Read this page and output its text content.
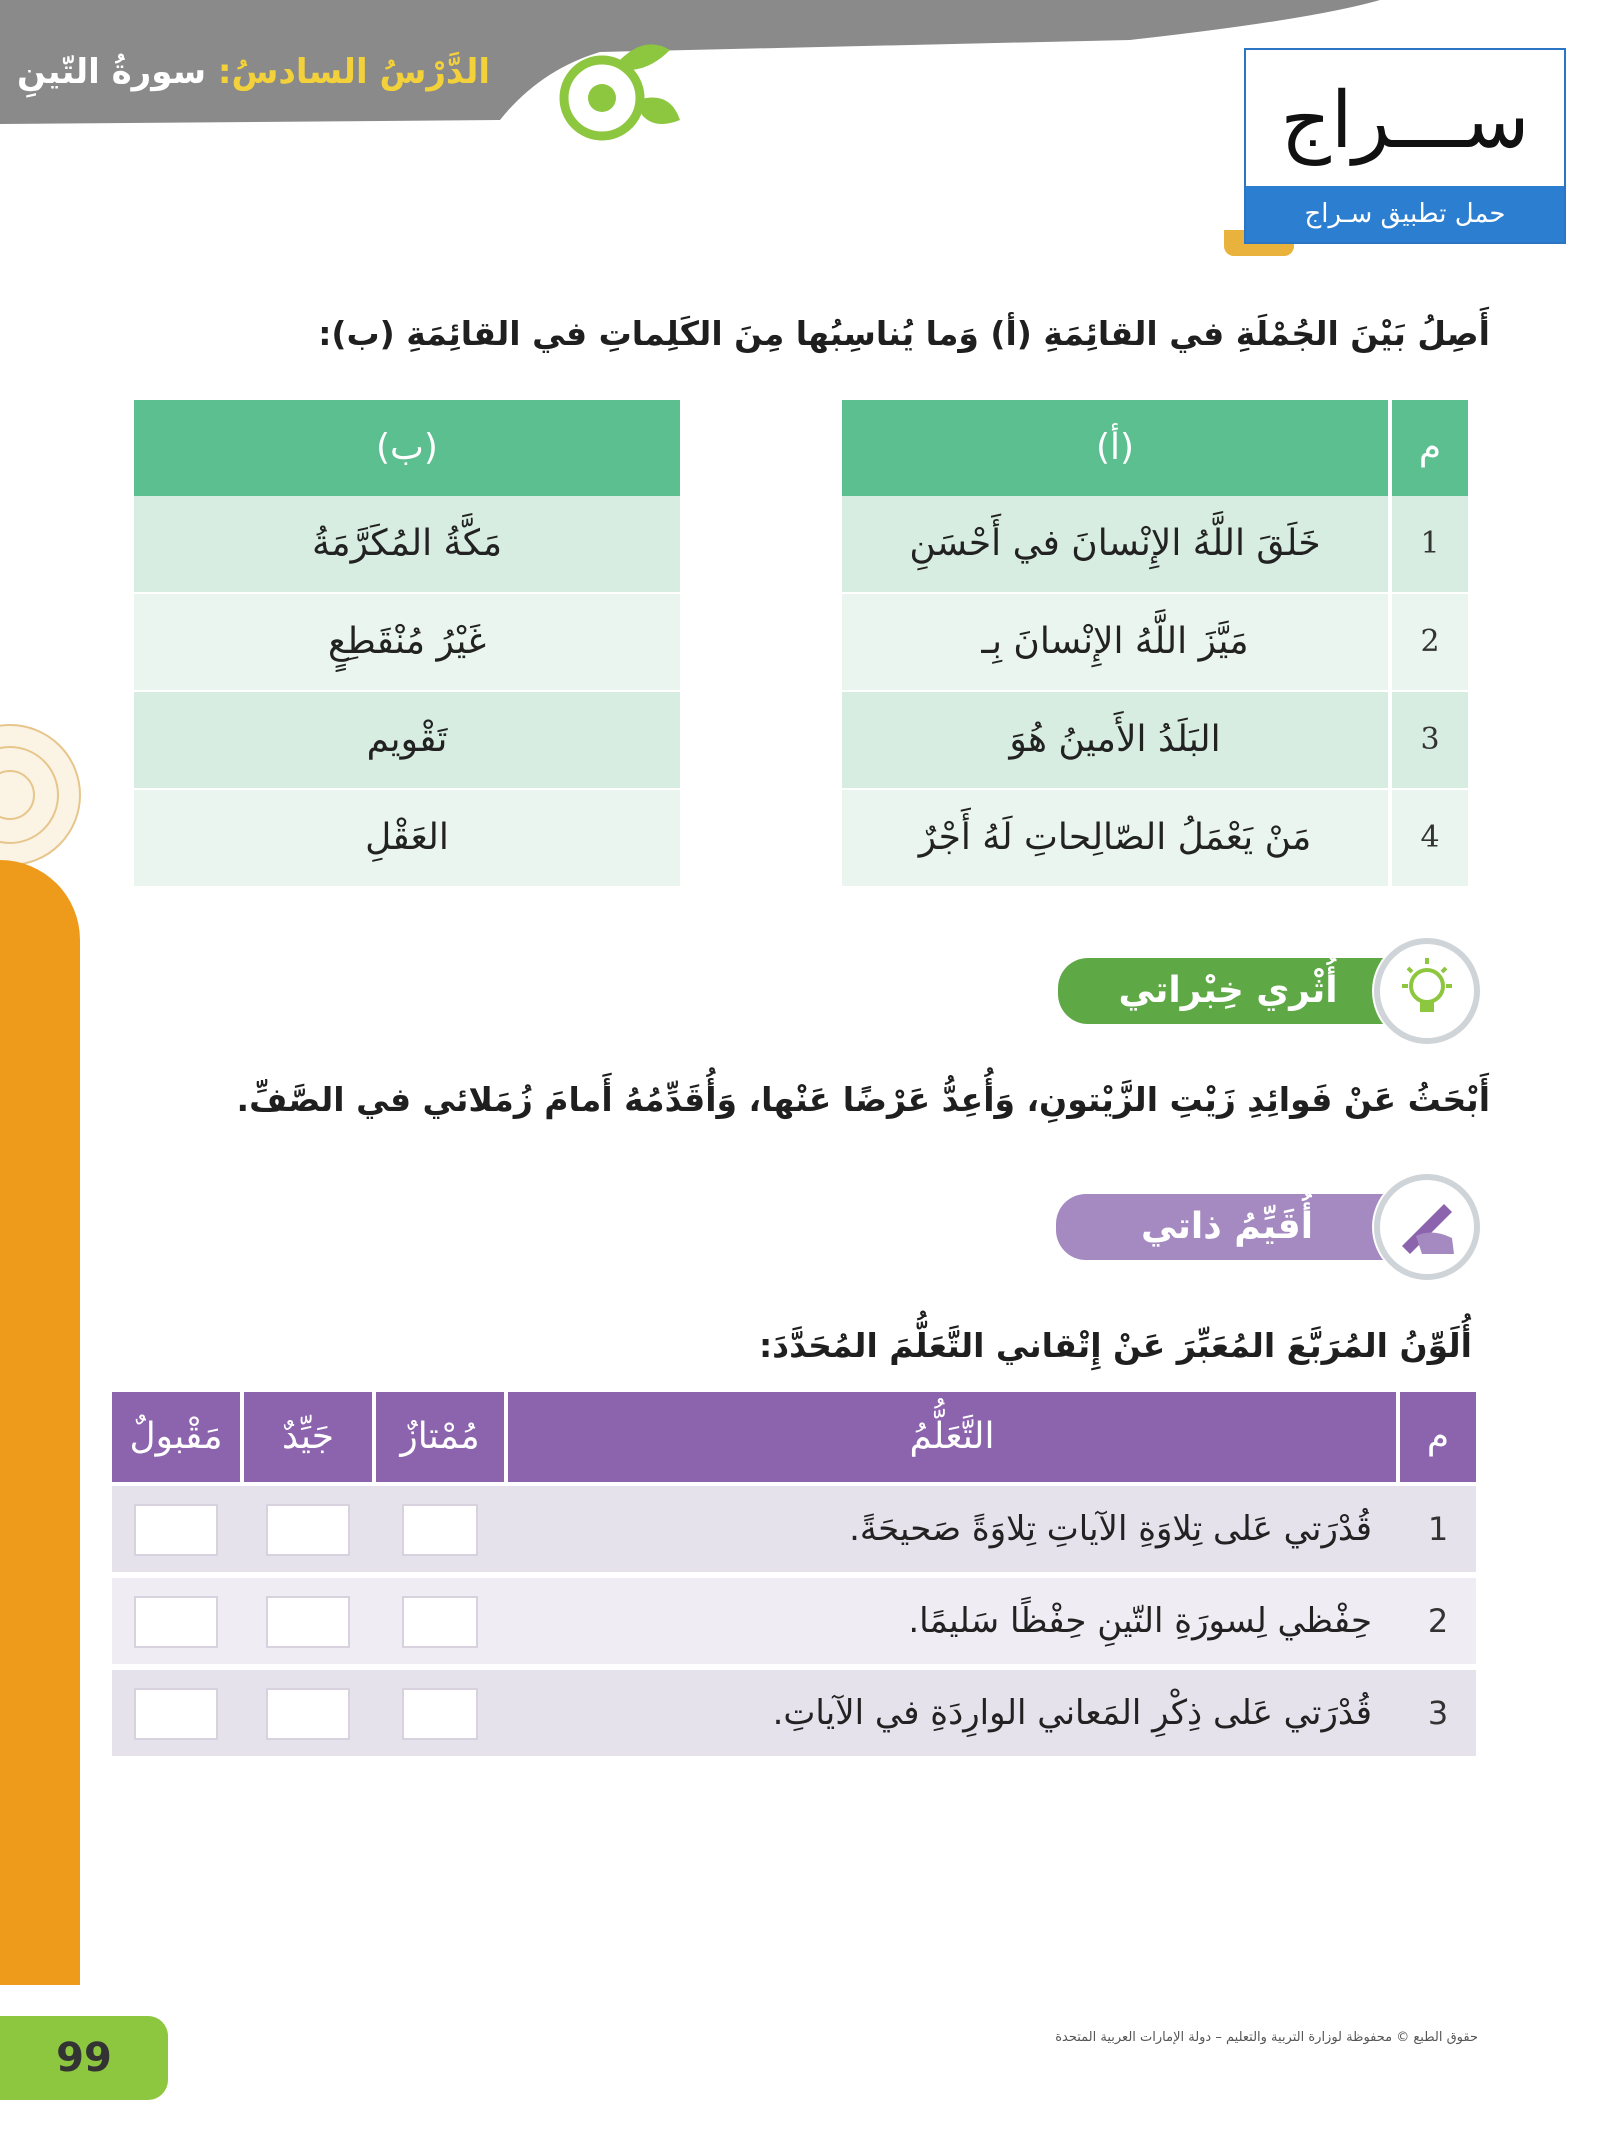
الدَّرْسُ السادسُ: سورةُ التّينِ
ســـراج
حمل تطبيق سـراج
أَصِلُ بَيْنَ الجُمْلَةِ في القائِمَةِ (أ) وَما يُناسِبُها مِنَ الكَلِماتِ في القائِمَةِ (ب):
(ب)
مَكَّةُ المُكَرَّمَةُ
غَيْرُ مُنْقَطِعٍ
تَقْويم
العَقْلِ
(أ)	م
خَلَقَ اللَّهُ الإِنْسانَ في أَحْسَنِ	1
مَيَّزَ اللَّهُ الإِنْسانَ بِـ	2
البَلَدُ الأَمينُ هُوَ	3
مَنْ يَعْمَلُ الصّالِحاتِ لَهُ أَجْرٌ	4
أُثْري خِبْراتي
أَبْحَثُ عَنْ فَوائِدِ زَيْتِ الزَّيْتونِ، وَأُعِدُّ عَرْضًا عَنْها، وَأُقَدِّمُهُ أَمامَ زُمَلائي في الصَّفِّ.
أُقَيِّمُ ذاتي
أُلَوِّنُ المُرَبَّعَ المُعَبِّرَ عَنْ إِتْقاني التَّعَلُّمَ المُحَدَّدَ:
مَقْبولٌ	جَيِّدٌ	مُمْتازٌ	التَّعَلُّمُ	م
قُدْرَتي عَلى تِلاوَةِ الآياتِ تِلاوَةً صَحيحَةً.	1
حِفْظي لِسورَةِ التّينِ حِفْظًا سَليمًا.	2
قُدْرَتي عَلى ذِكْرِ المَعاني الوارِدَةِ في الآياتِ.	3
99	حقوق الطبع © محفوظة لوزارة التربية والتعليم – دولة الإمارات العربية المتحدة
